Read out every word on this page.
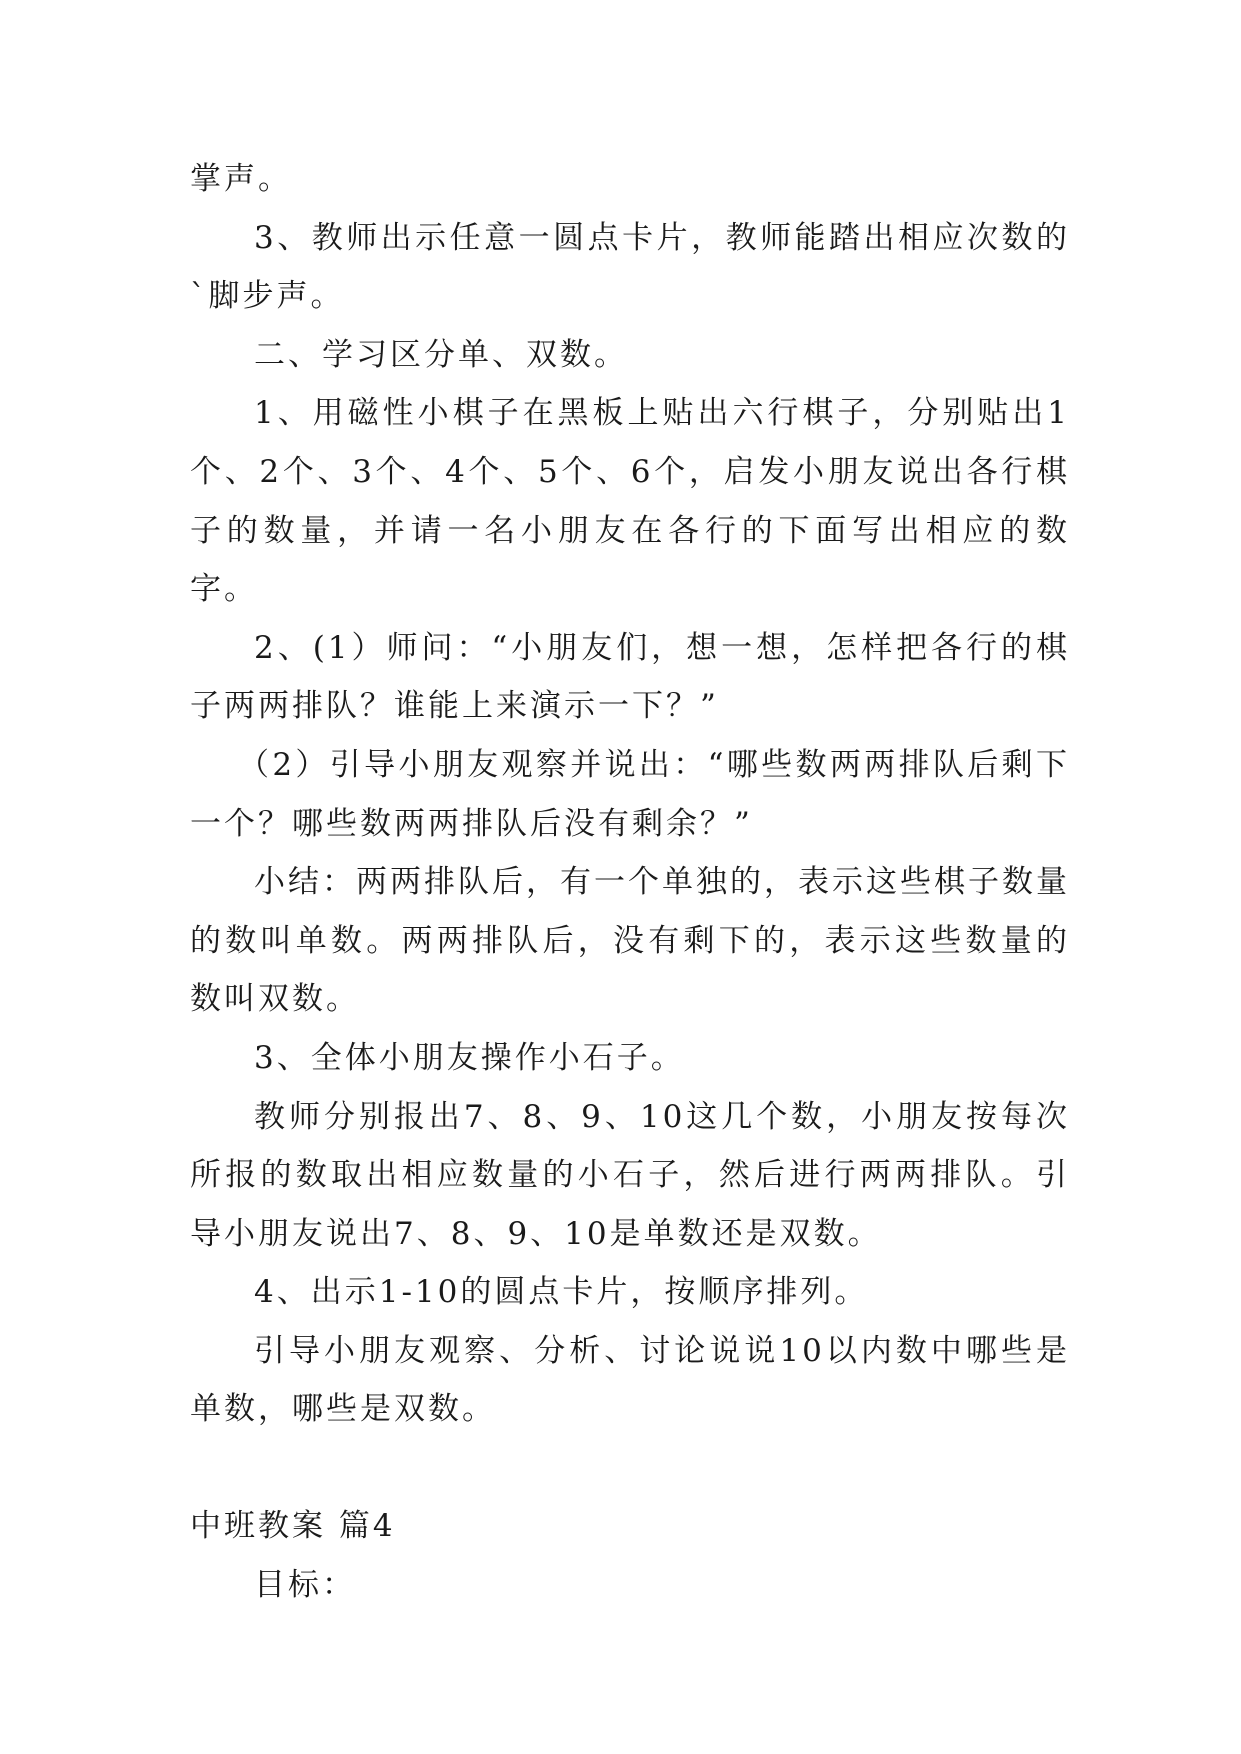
掌声。

3、教师出示任意一圆点卡片，教师能踏出相应次数的`脚步声。

二、学习区分单、双数。

1、用磁性小棋子在黑板上贴出六行棋子，分别贴出1个、2个、3个、4个、5个、6个，启发小朋友说出各行棋子的数量，并请一名小朋友在各行的下面写出相应的数字。

2、(1）师问：“小朋友们，想一想，怎样把各行的棋子两两排队？谁能上来演示一下？”

（2）引导小朋友观察并说出：“哪些数两两排队后剩下一个？哪些数两两排队后没有剩余？”

小结：两两排队后，有一个单独的，表示这些棋子数量的数叫单数。两两排队后，没有剩下的，表示这些数量的数叫双数。

3、全体小朋友操作小石子。

教师分别报出7、8、9、10这几个数，小朋友按每次所报的数取出相应数量的小石子，然后进行两两排队。引导小朋友说出7、8、9、10是单数还是双数。

4、出示1-10的圆点卡片，按顺序排列。

引导小朋友观察、分析、讨论说说10以内数中哪些是单数，哪些是双数。

中班教案 篇4

目标：
